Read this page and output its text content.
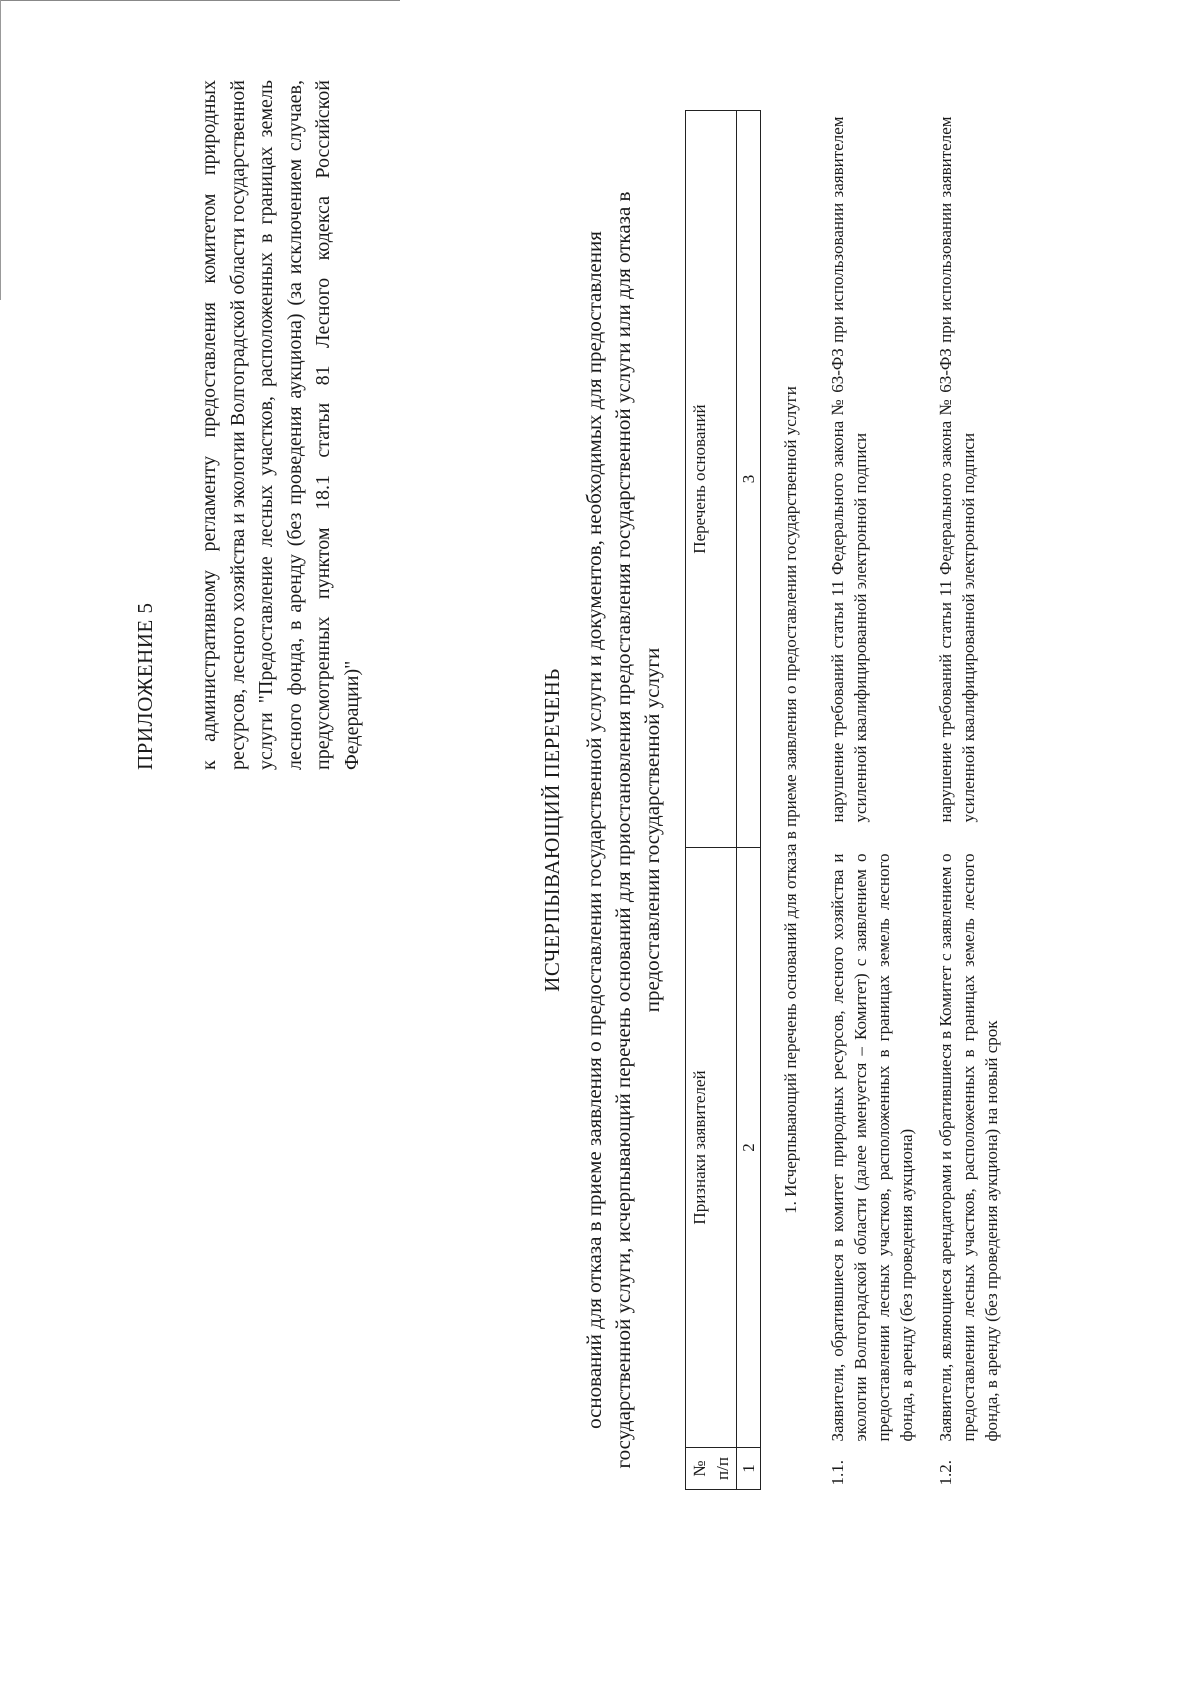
ПРИЛОЖЕНИЕ 5 к административному регламенту предоставления комитетом природных ресурсов, лесного хозяйства и экологии Волгоградской области государственной услуги "Предоставление лесных участков, расположенных в границах земель лесного фонда, в аренду (без проведения аукциона) (за исключением случаев, предусмотренных пунктом 18.1 статьи 81 Лесного кодекса Российской Федерации)"	ИСЧЕРПЫВАЮЩИЙ ПЕРЕЧЕНЬ оснований для отказа в приеме заявления о предоставлении государственной услуги и документов, необходимых для предоставления государственной услуги, исчерпывающий перечень оснований для приостановления предоставления государственной услуги или для отказа в предоставлении государственной услуги
№ п/п	Признаки заявителей	Перечень оснований
1	2	3
1. Исчерпывающий перечень оснований для отказа в приеме заявления о предоставлении государственной услуги		
1.1.	Заявители, обратившиеся в комитет природных ресурсов, лесного хозяйства и экологии Волгоградской области (далее именуется – Комитет) с заявлением о предоставлении лесных участков, расположенных в границах земель лесного фонда, в аренду (без проведения аукциона)	нарушение требований статьи 11 Федерального закона № 63-ФЗ при использовании заявителем усиленной квалифицированной электронной подписи
1.2.	Заявители, являющиеся арендаторами и обратившиеся в Комитет с заявлением о предоставлении лесных участков, расположенных в границах земель лесного фонда, в аренду (без проведения аукциона) на новый срок	нарушение требований статьи 11 Федерального закона № 63-ФЗ при использовании заявителем усиленной квалифицированной электронной подписи
